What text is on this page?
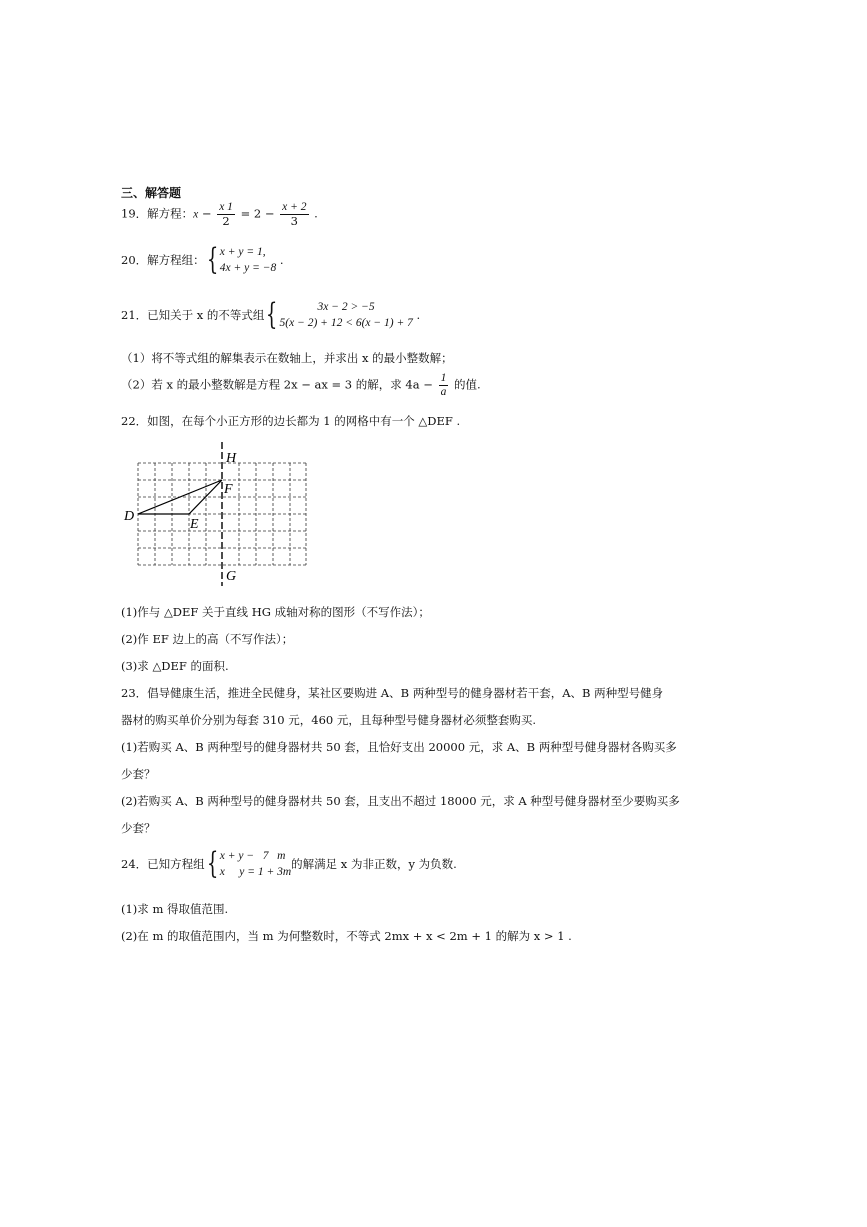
三、解答题
19．解方程：$x - \frac{x 1}{2} = 2 - \frac{x + 2}{3}$ .
20．解方程组：{ x + y = 1,
4x + y = −8
.
21．已知关于 x 的不等式组{	3x − 2 > −5
5(x − 2) + 12 < 6(x − 1) + 7
.
（1）将不等式组的解集表示在数轴上，并求出 x 的最小整数解；
（2）若 x 的最小整数解是方程 2x − ax = 3 的解，求 $4a - \frac{1}{a}$ 的值.
22．如图，在每个小正方形的边长都为 1 的网格中有一个 △DEF .
H
F
D
E
G
(1)作与 △DEF 关于直线 HG 成轴对称的图形（不写作法）；
(2)作 EF 边上的高（不写作法）；
(3)求 △DEF 的面积.
23．倡导健康生活，推进全民健身，某社区要购进 A、B 两种型号的健身器材若干套，A、B 两种型号健身
器材的购买单价分别为每套 310 元，460 元，且每种型号健身器材必须整套购买.
(1)若购买 A、B 两种型号的健身器材共 50 套，且恰好支出 20000 元，求 A、B 两种型号健身器材各购买多
少套？
(2)若购买 A、B 两种型号的健身器材共 50 套，且支出不超过 18000 元，求 A 种型号健身器材至少要购买多
少套？
24．已知方程组{ x + y −   7   m
x     y = 1 + 3m
的解满足 x 为非正数，y 为负数.
(1)求 m 得取值范围.
(2)在 m 的取值范围内，当 m 为何整数时，不等式 2mx + x < 2m + 1 的解为 x > 1 .
